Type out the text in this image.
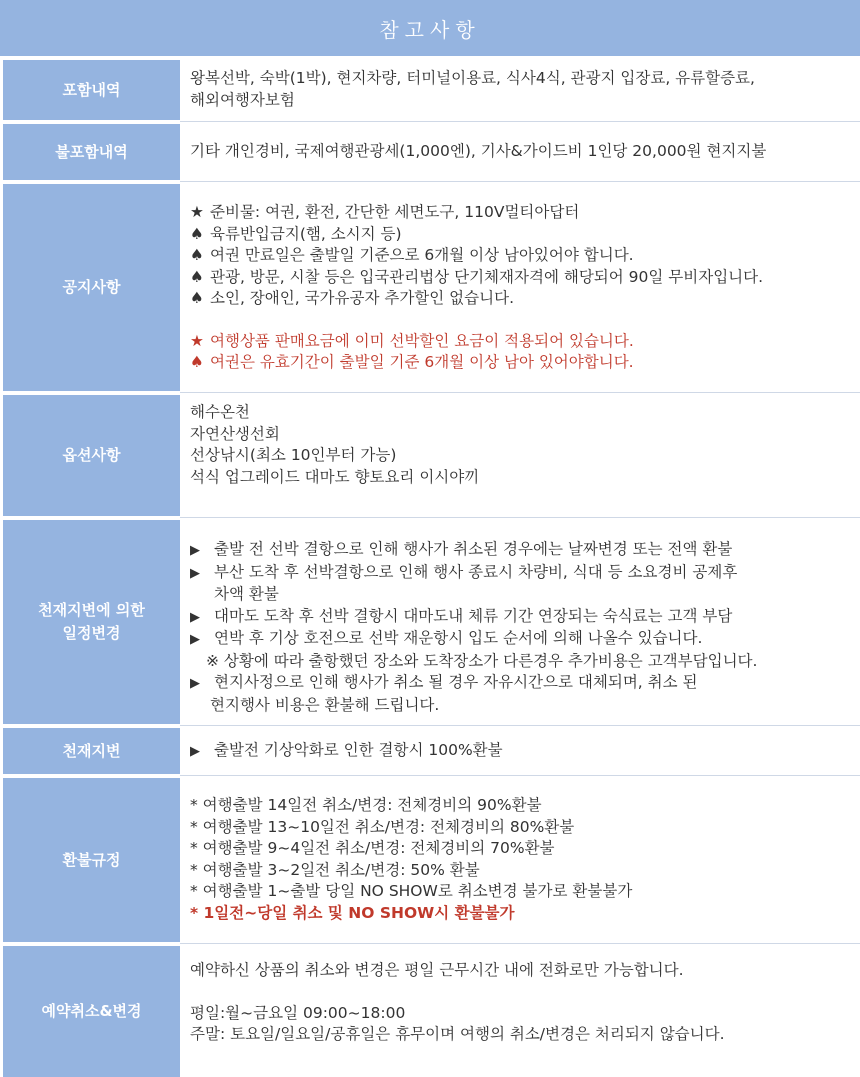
참고사항
포함내역
왕복선박, 숙박(1박), 현지차량, 터미널이용료, 식사4식, 관광지 입장료, 유류할증료,
해외여행자보험
불포함내역	기타 개인경비, 국제여행관광세(1,000엔), 기사&가이드비 1인당 20,000원 현지지불
공지사항
★ 준비물: 여권, 환전, 간단한 세면도구, 110V멀티아답터
♠ 육류반입금지(햄, 소시지 등)
♠ 여권 만료일은 출발일 기준으로 6개월 이상 남아있어야 합니다.
♠ 관광, 방문, 시찰 등은 입국관리법상 단기체재자격에 해당되어 90일 무비자입니다.
♠ 소인, 장애인, 국가유공자 추가할인 없습니다.
★ 여행상품 판매요금에 이미 선박할인 요금이 적용되어 있습니다.
♠ 여권은 유효기간이 출발일 기준 6개월 이상 남아 있어야합니다.
옵션사항
해수온천
자연산생선회
선상낚시(최소 10인부터 가능)
석식 업그레이드 대마도 향토요리 이시야끼
천재지변에 의한
일정변경
▶ 출발 전 선박 결항으로 인해 행사가 취소된 경우에는 날짜변경 또는 전액 환불
▶ 부산 도착 후 선박결항으로 인해 행사 종료시 차량비, 식대 등 소요경비 공제후
차액 환불
▶ 대마도 도착 후 선박 결항시 대마도내 체류 기간 연장되는 숙식료는 고객 부담
▶ 연박 후 기상 호전으로 선박 재운항시 입도 순서에 의해 나올수 있습니다.
※ 상황에 따라 출항했던 장소와 도착장소가 다른경우 추가비용은 고객부담입니다.
▶ 현지사정으로 인해 행사가 취소 될 경우 자유시간으로 대체되며, 취소 된
현지행사 비용은 환불해 드립니다.
천재지변	▶ 출발전 기상악화로 인한 결항시 100%환불
환불규정
* 여행출발 14일전 취소/변경: 전체경비의 90%환불
* 여행출발 13~10일전 취소/변경: 전체경비의 80%환불
* 여행출발 9~4일전 취소/변경: 전체경비의 70%환불
* 여행출발 3~2일전 취소/변경: 50% 환불
* 여행출발 1~출발 당일 NO SHOW로 취소변경 불가로 환불불가
* 1일전~당일 취소 및 NO SHOW시 환불불가
예약취소&변경
예약하신 상품의 취소와 변경은 평일 근무시간 내에 전화로만 가능합니다.
평일:월~금요일 09:00~18:00
주말: 토요일/일요일/공휴일은 휴무이며 여행의 취소/변경은 처리되지 않습니다.
